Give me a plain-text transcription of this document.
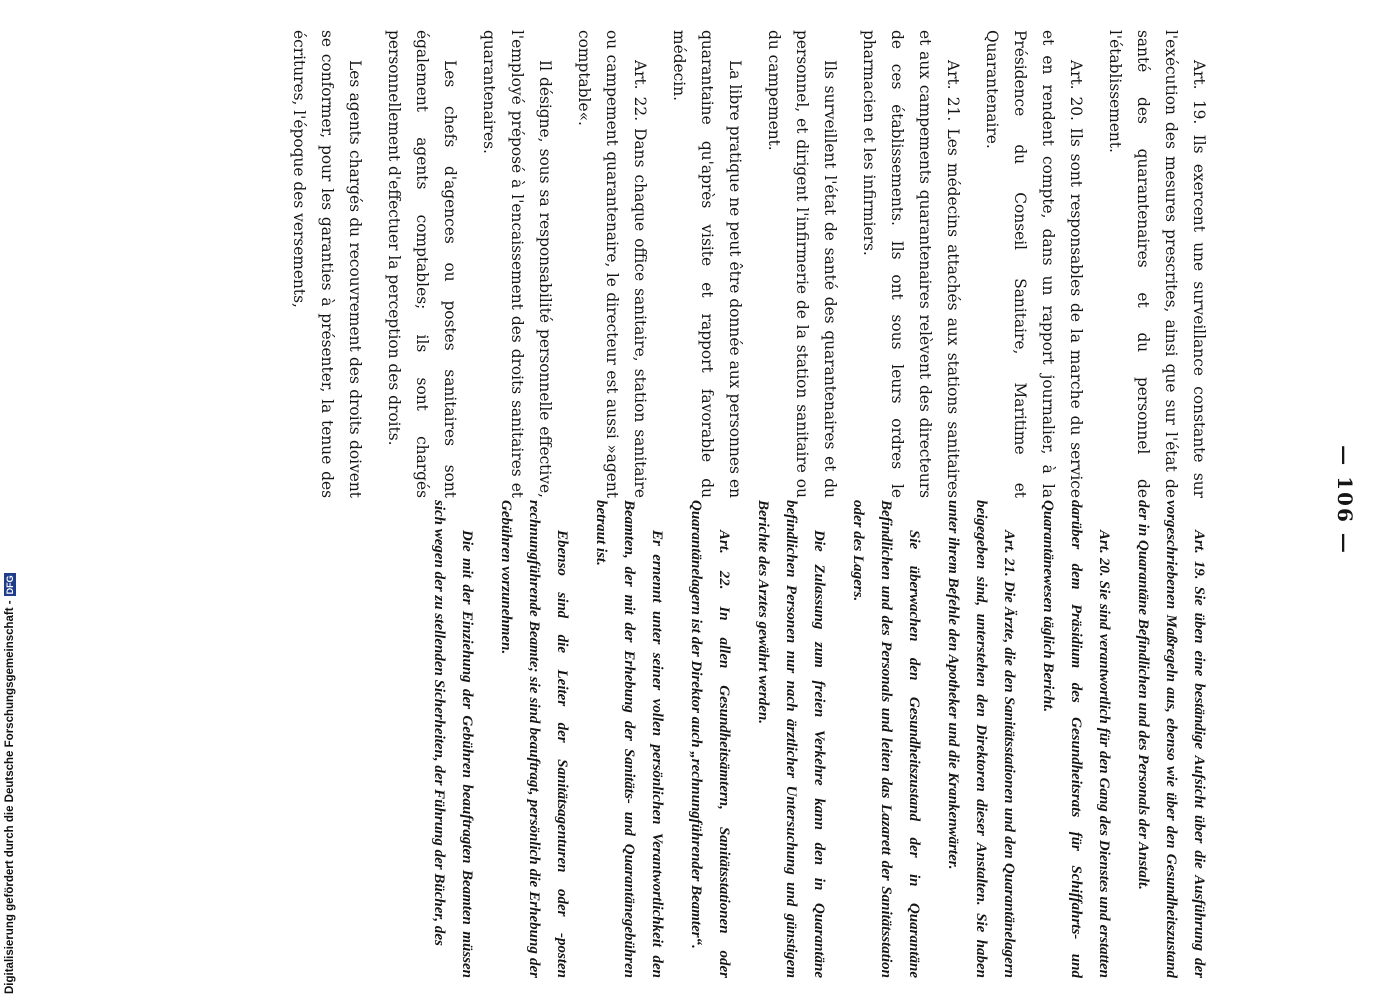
— 106 —

Art. 19. Ils exercent une surveillance constante sur l'exécution des mesures prescrites, ainsi que sur l'état de santé des quarantenaires et du personnel de l'établissement.

Art. 20. Ils sont responsables de la marche du service et en rendent compte, dans un rapport journalier, à la Présidence du Conseil Sanitaire, Maritime et Quarantenaire.

Art. 21. Les médecins attachés aux stations sanitaires et aux campements quarantenaires relèvent des directeurs de ces établissements. Ils ont sous leurs ordres le pharmacien et les infirmiers.

Ils surveillent l'état de santé des quarantenaires et du personnel, et dirigent l'infirmerie de la station sanitaire ou du campement.

La libre pratique ne peut être donnée aux personnes en quarantaine qu'après visite et rapport favorable du médecin.

Art. 22. Dans chaque office sanitaire, station sanitaire ou campement quarantenaire, le directeur est aussi »agent comptable«.

Il désigne, sous sa responsabilité personnelle effective, l'employé préposé à l'encaissement des droits sanitaires et quarantenaires.

Les chefs d'agences ou postes sanitaires sont également agents comptables; ils sont chargés personnellement d'effectuer la perception des droits.

Les agents chargés du recouvrement des droits doivent se conformer, pour les garanties à présenter, la tenue des écritures, l'époque des versements,

Art. 19. Sie üben eine beständige Aufsicht über die Ausführung der vorgeschriebenen Maßregeln aus, ebenso wie über den Gesundheitszustand der in Quarantäne Befindlichen und des Personals der Anstalt.

Art. 20. Sie sind verantwortlich für den Gang des Dienstes und erstatten darüber dem Präsidium des Gesundheitsrats für Schiffahrts- und Quarantänewesen täglich Bericht.

Art. 21. Die Ärzte, die den Sanitätsstationen und den Quarantänelagern beigegeben sind, unterstehen den Direktoren dieser Anstalten. Sie haben unter ihrem Befehle den Apotheker und die Krankenwärter.

Sie überwachen den Gesundheitszustand der in Quarantäne Befindlichen und des Personals und leiten das Lazarett der Sanitätsstation oder des Lagers.

Die Zulassung zum freien Verkehre kann den in Quarantäne befindlichen Personen nur nach ärztlicher Untersuchung und günstigem Berichte des Arztes gewährt werden.

Art. 22. In allen Gesundheitsämtern, Sanitätsstationen oder Quarantänelagern ist der Direktor auch „rechnungführender Beamter“.

Er ernennt unter seiner vollen persönlichen Verantwortlichkeit den Beamten, der mit der Erhebung der Sanitäts- und Quarantänegebühren betraut ist.

Ebenso sind die Leiter der Sanitätsagenturen oder -posten rechnungführende Beamte; sie sind beauftragt, persönlich die Erhebung der Gebühren vorzunehmen.

Die mit der Einziehung der Gebühren beauftragten Beamten müssen sich wegen der zu stellenden Sicherheiten, der Führung der Bücher, des

Digitalisierung gefördert durch die Deutsche Forschungsgemeinschaft -
DFG
